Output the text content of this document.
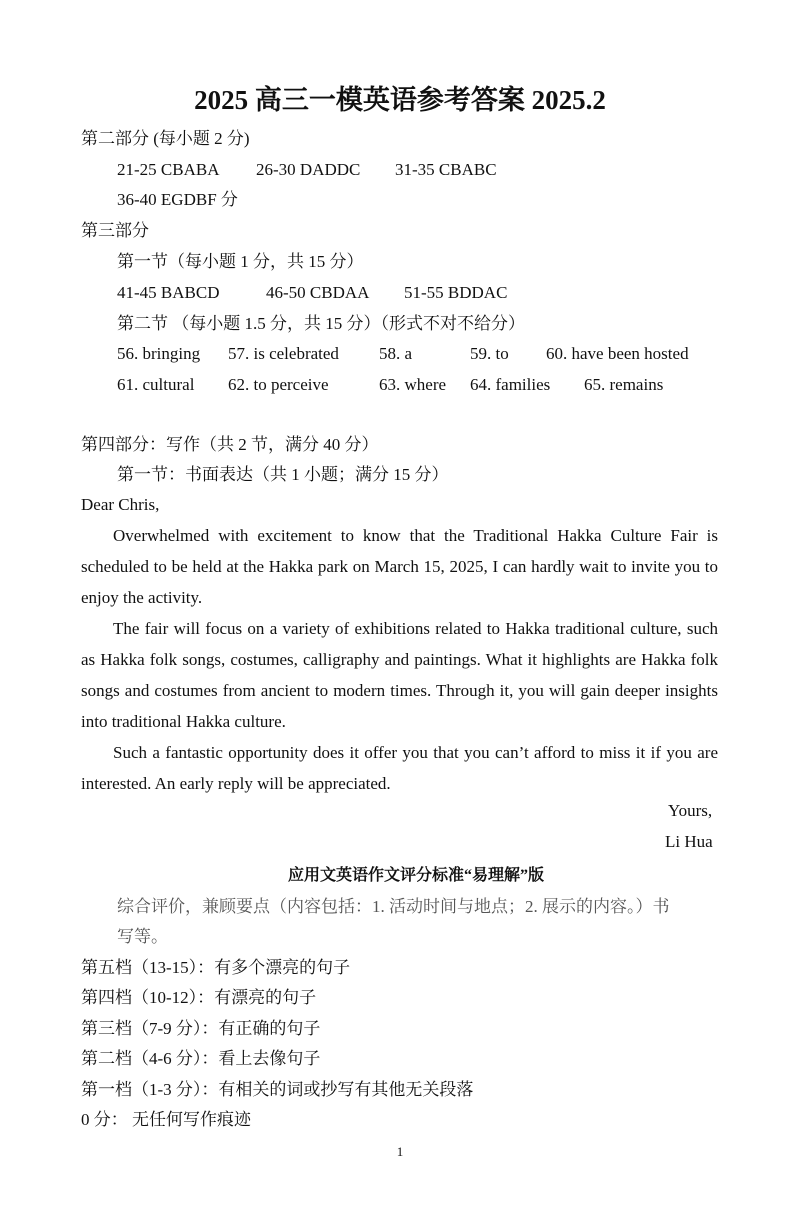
2025 高三一模英语参考答案 2025.2
第二部分 (每小题 2 分)
21-25 CBABA 26-30 DADDC 31-35 CBABC
36-40 EGDBF 分
第三部分
第一节（每小题 1 分，共 15 分）
41-45 BABCD	46-50 CBDAA 51-55 BDDAC
第二节 （每小题 1.5 分，共 15 分）（形式不对不给分）
56. bringing 57. is celebrated 58. a	59. to 60. have been hosted
61. cultural 62. to perceive	63. where 64. families 65. remains
第四部分：写作（共 2 节，满分 40 分）
第一节：书面表达（共 1 小题；满分 15 分）
Dear Chris,

Overwhelmed with excitement to know that the Traditional Hakka Culture Fair is scheduled to be held at the Hakka park on March 15, 2025, I can hardly wait to invite you to enjoy the activity.

The fair will focus on a variety of exhibitions related to Hakka traditional culture, such as Hakka folk songs, costumes, calligraphy and paintings. What it highlights are Hakka folk songs and costumes from ancient to modern times. Through it, you will gain deeper insights into traditional Hakka culture.

Such a fantastic opportunity does it offer you that you can’t afford to miss it if you are interested. An early reply will be appreciated.

Yours,
Li Hua
应用文英语作文评分标准“易理解”版
综合评价，兼顾要点（内容包括：1. 活动时间与地点；2. 展示的内容。）书
写等。
第五档（13-15）：有多个漂亮的句子
第四档（10-12）：有漂亮的句子
第三档（7-9 分）：有正确的句子
第二档（4-6 分）：看上去像句子
第一档（1-3 分）：有相关的词或抄写有其他无关段落
0 分： 无任何写作痕迹
1
